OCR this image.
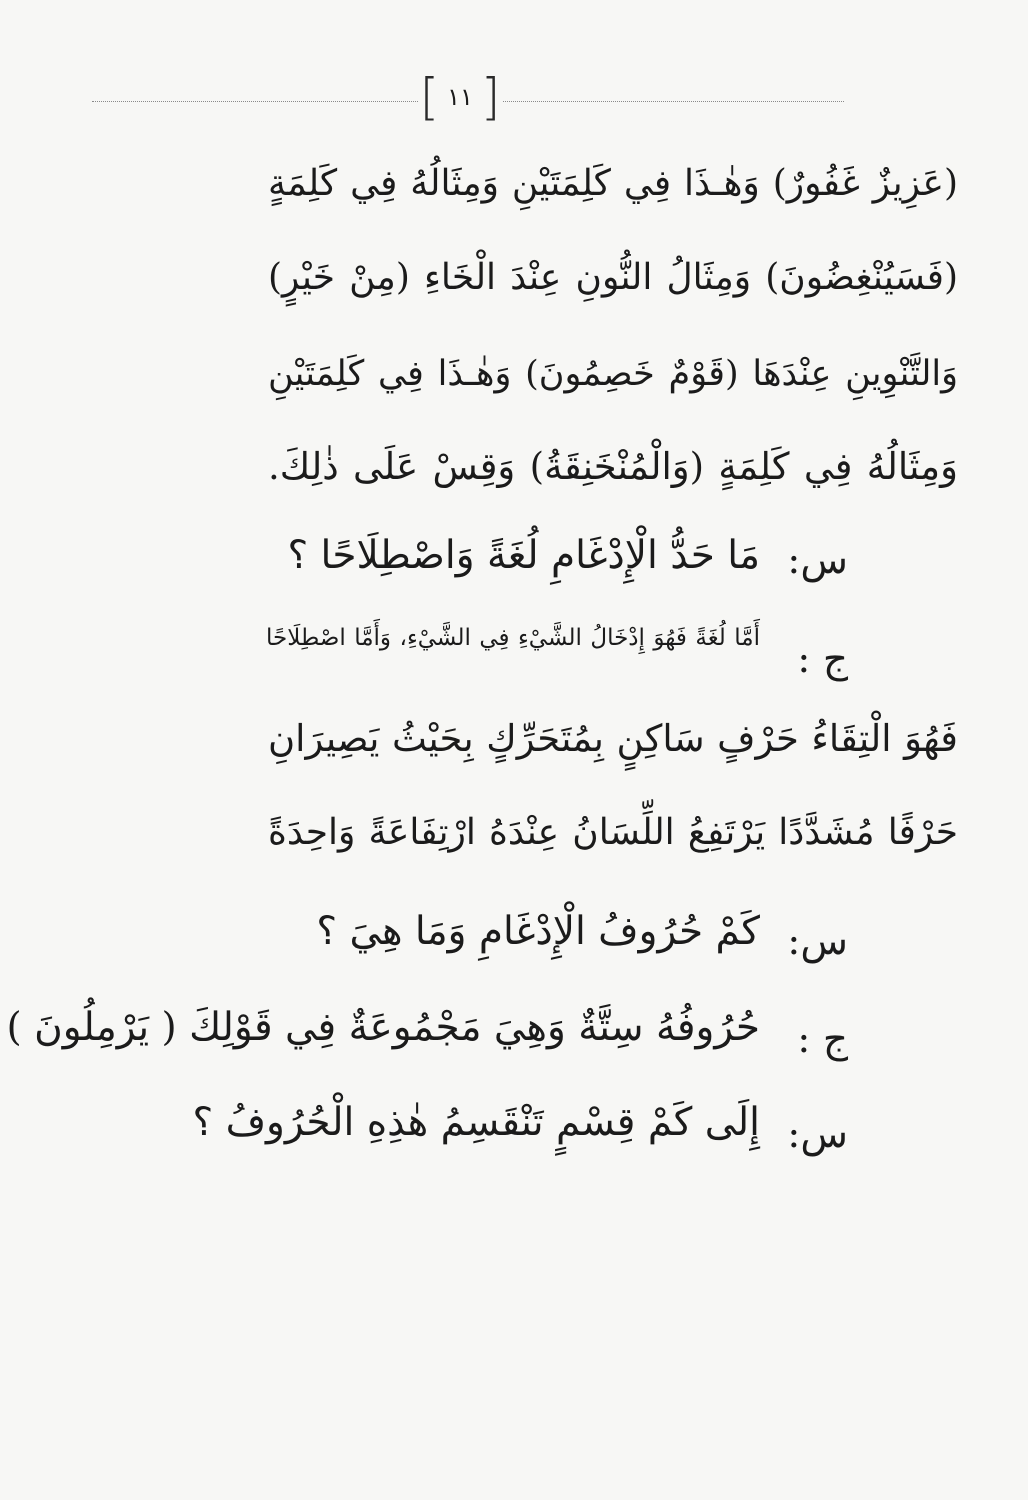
[ ١١ ]
(عَزِيزٌ غَفُورٌ) وَهٰـذَا فِي كَلِمَتَيْنِ وَمِثَالُهُ فِي كَلِمَةٍ
(فَسَيُنْغِضُونَ) وَمِثَالُ النُّونِ عِنْدَ الْخَاءِ (مِنْ خَيْرٍ)
وَالتَّنْوِينِ عِنْدَهَا (قَوْمٌ خَصِمُونَ) وَهٰـذَا فِي كَلِمَتَيْنِ
وَمِثَالُهُ فِي كَلِمَةٍ (وَالْمُنْخَنِقَةُ) وَقِسْ عَلَى ذٰلِكَ.
س:
مَا حَدُّ الْإِدْغَامِ لُغَةً وَاصْطِلَاحًا ؟
ج :
أَمَّا لُغَةً فَهُوَ إِدْخَالُ الشَّيْءِ فِي الشَّيْءِ، وَأَمَّا اصْطِلَاحًا
فَهُوَ الْتِقَاءُ حَرْفٍ سَاكِنٍ بِمُتَحَرِّكٍ بِحَيْثُ يَصِيرَانِ
حَرْفًا مُشَدَّدًا يَرْتَفِعُ اللِّسَانُ عِنْدَهُ ارْتِفَاعَةً وَاحِدَةً
س:
كَمْ حُرُوفُ الْإِدْغَامِ وَمَا هِيَ ؟
ج :
حُرُوفُهُ سِتَّةٌ وَهِيَ مَجْمُوعَةٌ فِي قَوْلِكَ ( يَرْمِلُونَ )
س:
إِلَى كَمْ قِسْمٍ تَنْقَسِمُ هٰذِهِ الْحُرُوفُ ؟
